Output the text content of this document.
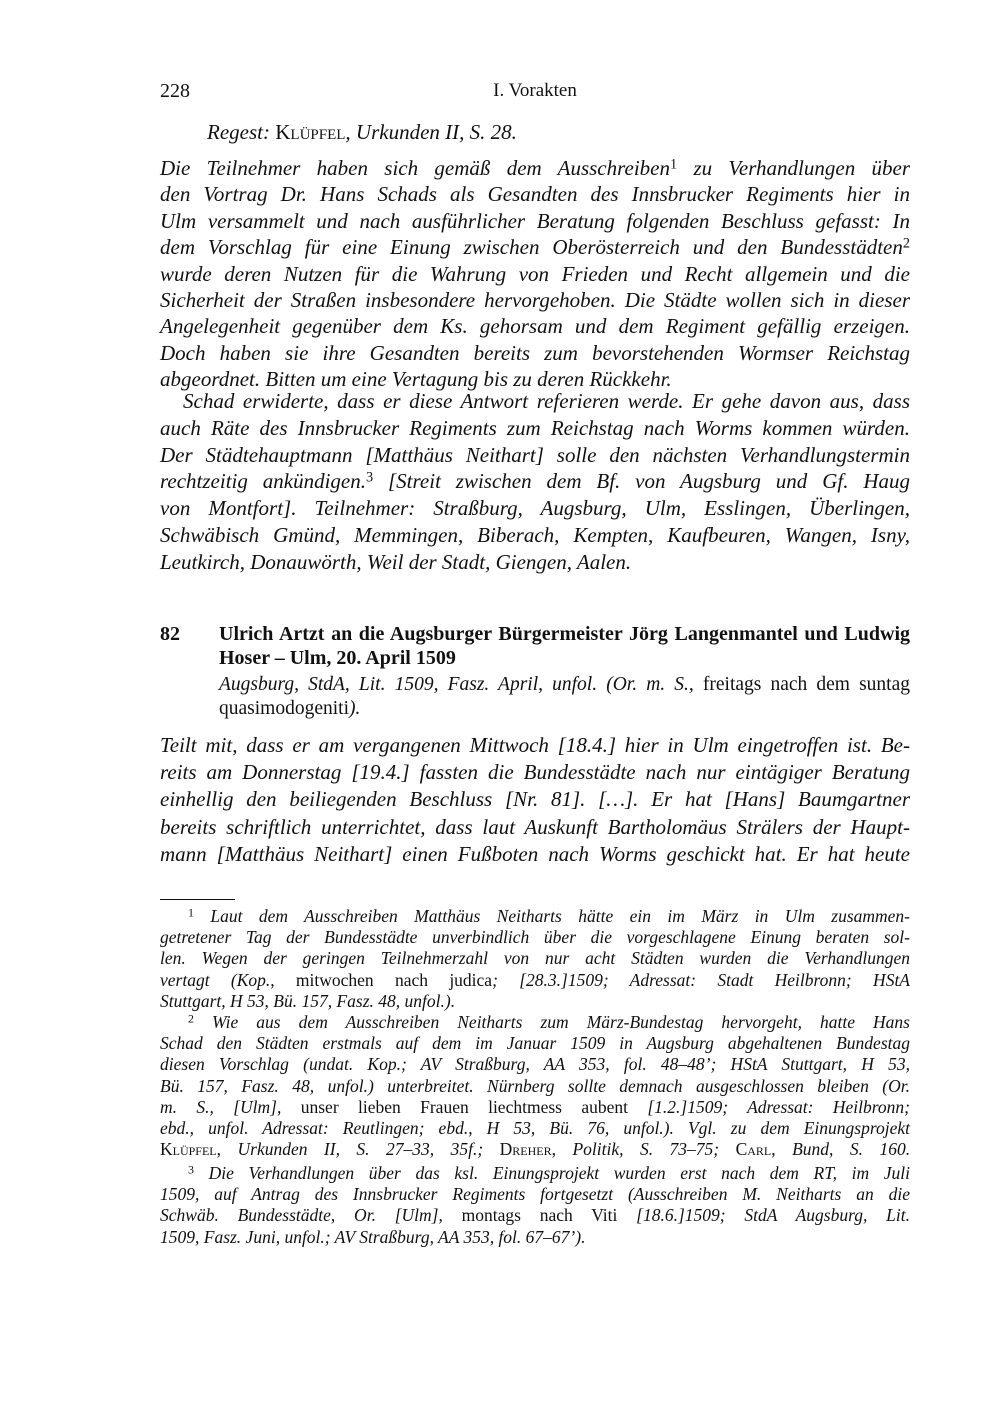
228	I. Vorakten
Regest: Klüpfel, Urkunden II, S. 28.
Die Teilnehmer haben sich gemäß dem Ausschreiben$^1$ zu Verhandlungen über
den Vortrag Dr. Hans Schads als Gesandten des Innsbrucker Regiments hier in
Ulm versammelt und nach ausführlicher Beratung folgenden Beschluss gefasst: In
dem Vorschlag für eine Einung zwischen Oberösterreich und den Bundesstädten$^2$
wurde deren Nutzen für die Wahrung von Frieden und Recht allgemein und die
Sicherheit der Straßen insbesondere hervorgehoben. Die Städte wollen sich in dieser
Angelegenheit gegenüber dem Ks. gehorsam und dem Regiment gefällig erzeigen.
Doch haben sie ihre Gesandten bereits zum bevorstehenden Wormser Reichstag
abgeordnet. Bitten um eine Vertagung bis zu deren Rückkehr.
Schad erwiderte, dass er diese Antwort referieren werde. Er gehe davon aus, dass
auch Räte des Innsbrucker Regiments zum Reichstag nach Worms kommen würden.
Der Städtehauptmann [Matthäus Neithart] solle den nächsten Verhandlungstermin
rechtzeitig ankündigen.$^3$ [Streit zwischen dem Bf. von Augsburg und Gf. Haug
von Montfort]. Teilnehmer: Straßburg, Augsburg, Ulm, Esslingen, Überlingen,
Schwäbisch Gmünd, Memmingen, Biberach, Kempten, Kaufbeuren, Wangen, Isny,
Leutkirch, Donauwörth, Weil der Stadt, Giengen, Aalen.
82 Ulrich Artzt an die Augsburger Bürgermeister Jörg Langenmantel und Ludwig
Hoser – Ulm, 20. April 1509
Augsburg, StdA, Lit. 1509, Fasz. April, unfol. (Or. m. S., freitags nach dem suntag
quasimodogeniti).
Teilt mit, dass er am vergangenen Mittwoch [18.4.] hier in Ulm eingetroffen ist. Be-
reits am Donnerstag [19.4.] fassten die Bundesstädte nach nur eintägiger Beratung
einhellig den beiliegenden Beschluss [Nr. 81]. […]. Er hat [Hans] Baumgartner
bereits schriftlich unterrichtet, dass laut Auskunft Bartholomäus Strälers der Haupt-
mann [Matthäus Neithart] einen Fußboten nach Worms geschickt hat. Er hat heute
$^1$ Laut dem Ausschreiben Matthäus Neitharts hätte ein im März in Ulm zusammen-
getretener Tag der Bundesstädte unverbindlich über die vorgeschlagene Einung beraten sol-
len. Wegen der geringen Teilnehmerzahl von nur acht Städten wurden die Verhandlungen
vertagt (Kop., mitwochen nach judica; [28.3.]1509; Adressat: Stadt Heilbronn; HStA
Stuttgart, H 53, Bü. 157, Fasz. 48, unfol.).
$^2$ Wie aus dem Ausschreiben Neitharts zum März-Bundestag hervorgeht, hatte Hans
Schad den Städten erstmals auf dem im Januar 1509 in Augsburg abgehaltenen Bundestag
diesen Vorschlag (undat. Kop.; AV Straßburg, AA 353, fol. 48–48’; HStA Stuttgart, H 53,
Bü. 157, Fasz. 48, unfol.) unterbreitet. Nürnberg sollte demnach ausgeschlossen bleiben (Or.
m. S., [Ulm], unser lieben Frauen liechtmess aubent [1.2.]1509; Adressat: Heilbronn;
ebd., unfol. Adressat: Reutlingen; ebd., H 53, Bü. 76, unfol.). Vgl. zu dem Einungsprojekt
Klüpfel, Urkunden II, S. 27–33, 35f.; Dreher, Politik, S. 73–75; Carl, Bund, S. 160.
$^3$ Die Verhandlungen über das ksl. Einungsprojekt wurden erst nach dem RT, im Juli
1509, auf Antrag des Innsbrucker Regiments fortgesetzt (Ausschreiben M. Neitharts an die
Schwäb. Bundesstädte, Or. [Ulm], montags nach Viti [18.6.]1509; StdA Augsburg, Lit.
1509, Fasz. Juni, unfol.; AV Straßburg, AA 353, fol. 67–67’).
